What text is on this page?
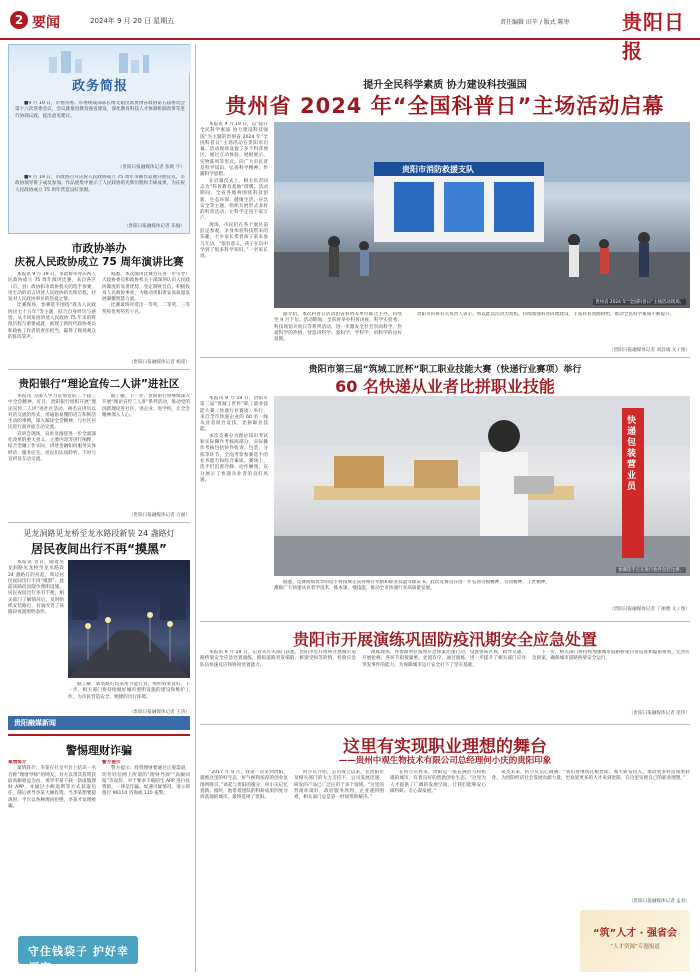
2 要闻	2024年 9 月 20 日 星期五	责任编辑 田苹 / 版式 陈枣	贵阳日报
政务简报

■9 月 19 日，市委常委、市委统战部部长傅文韬出席贵州省政协第五届委员会第十六次常委会议，会议就推进教育强省建设、深化教育科技人才体制机制改革等进行协商议政，提出意见建议。

（贵阳日报融媒体记者 张欧 宇）

■9 月 19 日，市政协召开庆祝人民政协成立 75 周年书画作品展开展仪式，市政协领导班子成员参加。作品展集中展示了人民政协的光辉历程和丰硕成果，为庆祝人民政协成立 75 周年营造良好氛围。

（贵阳日报融媒体记者 乐愉）
市政协举办
庆祝人民政协成立 75 周年演讲比赛

本报讯 9 月 19 日，市政协举办庆祝人民政协成立 75 周年演讲比赛，来自各区（市、县）政协和市政协机关的选手参赛，用生动的语言讲述人民政协的光辉历程，抒发对人民政协事业的热爱之情。

比赛现场，参赛选手围绕“我为人民政协这七十五年”等主题，结合自身经历与感悟，从不同角度讲述人民政协 75 年来的辉煌历程与重要成就，展现了新时代政协委员和政协工作者的责任担当，赢得了现场观众的阵阵掌声。

据悉，本次演讲比赛旨在进一步引导广大政协委员和政协机关干部深刻认识人民政协制度的显著优势，坚定制度自信，积极投身人民政协事业，为推动贵阳贵安高质量发展凝聚智慧力量。

比赛最终评选出一等奖、二等奖、三等奖和优秀奖若干名。

（贵阳日报融媒体记者 杨遥）
贵阳银行“理论宣传二人讲”进社区

本报讯 为深入学习贯彻党的二十届三中全会精神，近日，贵阳银行组织开展“理论宣传二人讲”进社区活动，两名宣讲员以对话交流的形式，用通俗易懂的语言和鲜活生动的事例，深入解读全会精神，与社区居民进行面对面互动交流。

宣讲会现场，宣讲员围绕进一步全面深化改革的重大意义、主要内容等进行阐释，结合金融工作实际，讲述金融如何服务实体经济、服务民生。居民们认真聆听，不时与宣讲员互动交流。

据了解，下一步，贵阳银行将继续深入开展“理论宣传二人讲”系列活动，推动党的创新理论进社区、进企业、进学校，让全会精神深入人心。

（贵阳日报融媒体记者 万丽）
见龙洞路见龙桥至龙水路段新装 24 盏路灯
居民夜间出行不再“摸黑”

本报讯 近日，随着见龙洞路见龙桥至龙水路段 24 盏路灯的亮起，周边居民夜间出行不再“摸黑”。此前该路段因缺少照明设施，居民夜间出行多有不便，相关部门了解情况后，及时组织安装路灯，有效改善了该路段夜间照明条件。

据了解，新装路灯均采用节能灯具，照明效果良好。下一步，相关部门将持续做好城市照明设施的建设和维护工作，为市民营造安全、便捷的出行环境。

（贵阳日报融媒体记者 王涛）
贵阳融媒新闻
警惕理财诈骗

案情简介

案情简介：李某在社交平台上结识一名自称“理财导师”的网友，对方以带其投资获取高额收益为由，诱导李某下载一款虚假理财 APP，并通过小额返利等方式获取信任，随后诱导李某大额投资。当李某想要提现时，平台以各种理由拒绝，李某才发现被骗。

警方提示

警方提示：投资理财要通过正规渠道，切勿轻信网上所谓的“理财导师”“高额回报”等说辞，对于要求下载陌生 APP 进行投资的，一律是诈骗。如遇可疑情况，请立即拨打 96110 咨询或 110 报警。

守住钱袋子 护好幸福家
提升全民科学素质 协力建设科技强国
贵州省 2024 年“全国科普日”主场活动启幕

本报讯 9 月 19 日，以“提升全民科学素质 协力建设科技强国”为主题的贵州省 2024 年“全国科普日”主场活动在贵阳市启幕。活动现场设置了多个科普展区，通过互动体验、展板展示、实物陈列等形式，向广大市民普及科学知识、弘扬科学精神、传播科学思想。

在启幕仪式上，相关负责同志为“科普教育基地”授牌。活动期间，全省各地将围绕科技创新、生态环保、健康生活、应急安全等主题，组织开展形式多样的科普活动，让科学走进千家万户。

现场，市民们在各个展区前驻足参观，亲身体验科技带来的乐趣，不少家长带着孩子前来参与互动，“很有意义，孩子在玩中学到了很多科学知识。”一名家长说。

贵阳市消防救援支队
贵州省 2024 年“全国科普日”主场活动现场。

据介绍，本次科普日活动由省科协等单位联合主办，持续至 9 月下旬。活动期间，全省将举办科普讲座、科学实验秀、科技场馆开放日等系列活动，进一步激发全社会崇尚科学、热爱科学的热情，营造讲科学、爱科学、学科学、用科学的良好氛围。

贵阳市科协有关负责人表示，将以此次活动为契机，持续加强科普阵地建设，丰富科普资源供给，推动全民科学素质不断提升。

（贵阳日报融媒体记者 刘昌瑜 文 / 图）
贵阳市第三届“筑城工匠杯”职工职业技能大赛（快递行业赛项）举行
60 名快递从业者比拼职业技能

本报讯 9 月 19 日，贵阳市第三届“筑城工匠杯”职工职业技能大赛（快递行业赛项）举行，来自全市快递企业的 60 名一线从业者同台竞技，比拼职业技能。

本次竞赛分为理论知识考试和实际操作考核两部分，实际操作考核包括快件收寄、包装、分拣等环节，全面考察参赛选手的业务能力和综合素质。赛场上，选手们沉着冷静、动作娴熟，充分展示了快递从业者的良好风貌。

快递包装营业员
参赛选手正在进行快件包装比拼。

据悉，竞赛成绩优异的选手将按规定获得相应奖励和职业技能等级证书。此次竞赛旨在进一步弘扬劳模精神、劳动精神、工匠精神，激励广大快递从业者学技术、练本领、强技能，推动全市快递行业高质量发展。

（贵阳日报融媒体记者 丁丽雅 文 / 图）
贵阳市开展演练巩固防疫汛期安全应急处置

本报讯 9 月 19 日，记者从有关部门获悉，贵阳市近日组织开展城市道路桥梁安全应急处置演练，模拟道路突发塌陷、桥梁受损等险情，检验应急队伍快速反应和协同处置能力。

演练现场，各参演单位按照应急预案迅速行动，设置警戒区域、疏导交通、开展抢修，各环节衔接紧密、处置有序。通过演练，进一步提升了相关部门应对突发事件的能力，为保障城市运行安全打下了坚实基础。

下一步，相关部门将持续加强城市道路桥梁日常巡查和隐患排查，完善应急预案，确保城市道路桥梁安全运行。

（贵阳日报融媒体记者 范伟）
这里有实现职业理想的舞台
——贵州中观生物技术有限公司总经理何小庆的贵阳印象

“2017 年 9 月，我第一次来到贵阳，就被这里的好生态、好气候和浓厚的创业氛围所吸引。”谈起与贵阳的缘分，何小庆记忆犹新。彼时，他带着团队的科研成果四处寻找落地的城市，最终选择了贵阳。

何小庆介绍，公司成立以来，在贵阳市及相关部门的大力支持下，公司发展迅速，研发的产品已广泛应用于多个领域。“这里的营商环境好，政府服务周到，企业遇到困难，相关部门总是第一时间帮助解决。”

在何小庆看来，贵阳是一座充满活力和机遇的城市，有着良好的创新创业生态。“这里为人才提供了广阔的发展空间，让我们能够安心做科研、专心谋发展。”

谈及未来，何小庆信心满满：“我们将继续扎根贵阳，加大研发投入，推动更多科技成果转化，为贵阳经济社会发展贡献力量，也欢迎更多的人才来到贵阳，在这里实现自己的职业理想。”

（贵阳日报融媒体记者 孟君）
“筑”人才 · 强省会
“人才资源”专题报道
